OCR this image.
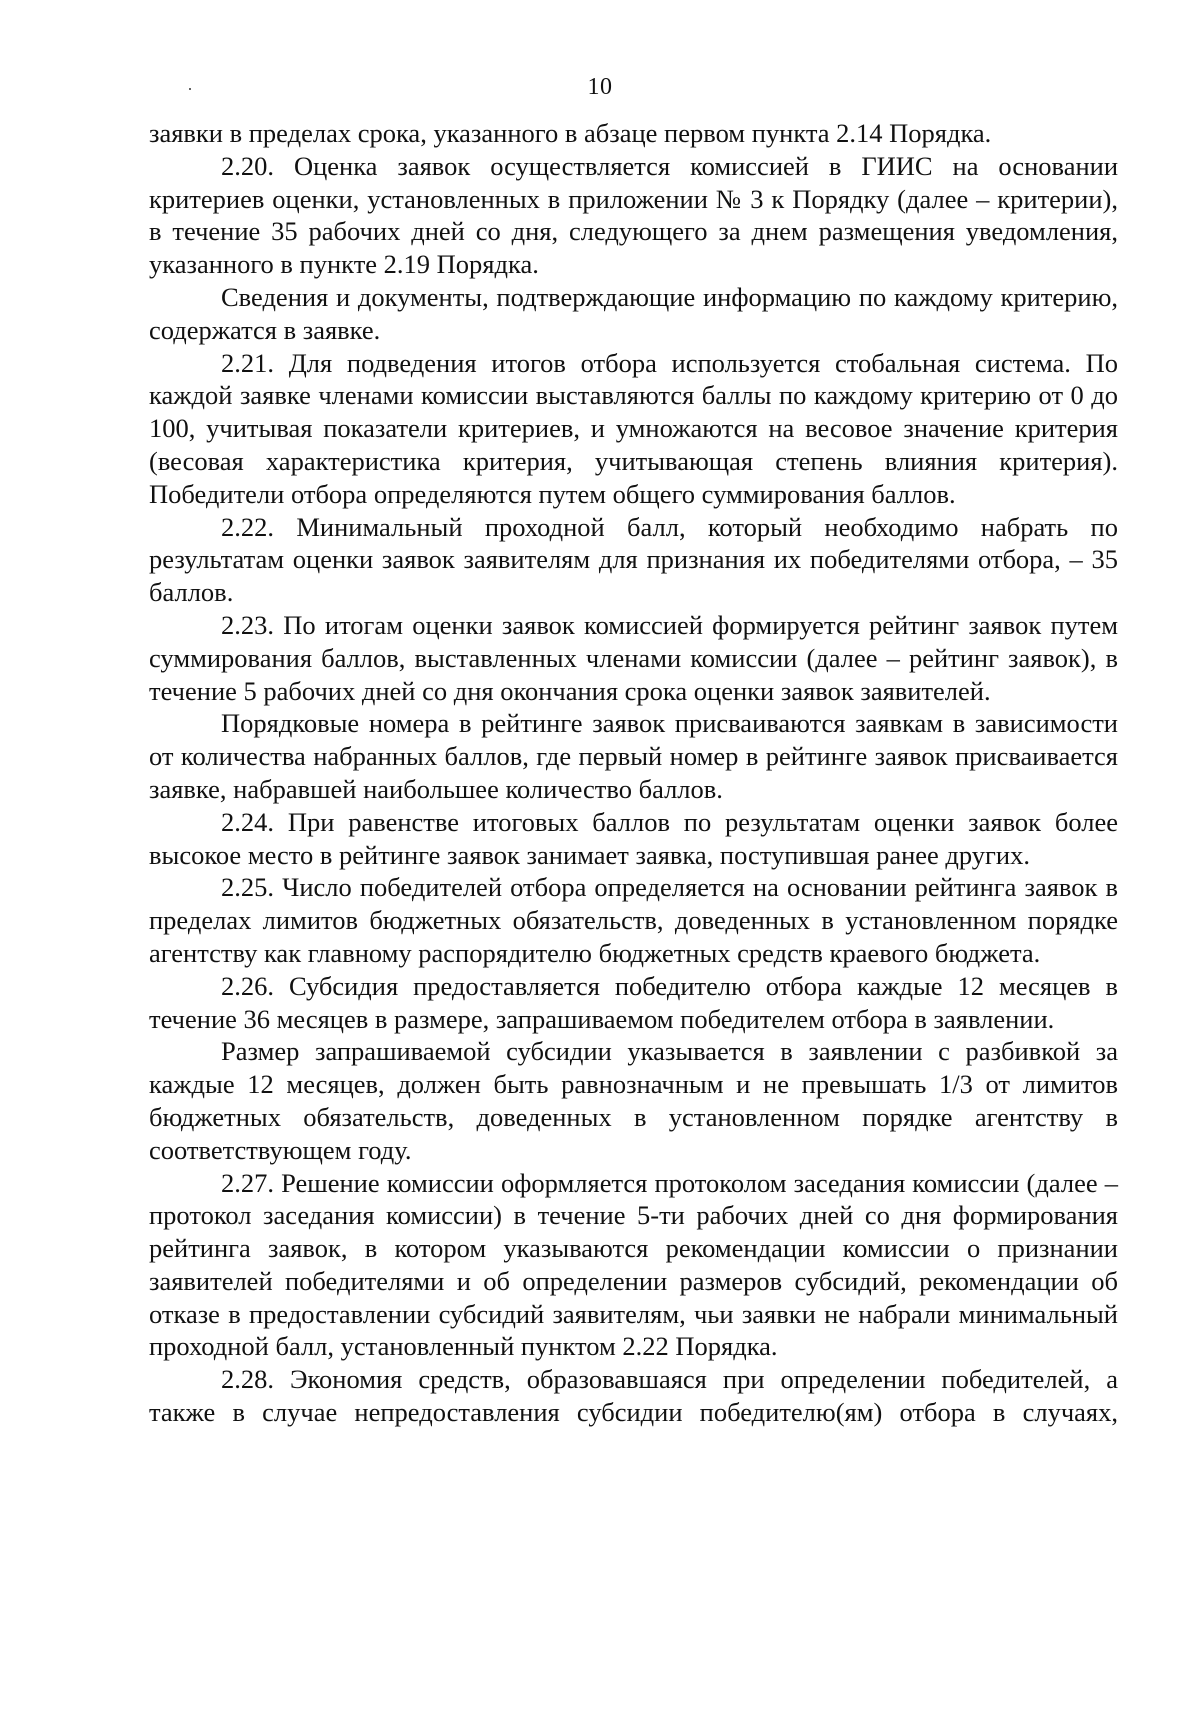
10

заявки в пределах срока, указанного в абзаце первом пункта 2.14 Порядка.

2.20. Оценка заявок осуществляется комиссией в ГИИС на основании критериев оценки, установленных в приложении № 3 к Порядку (далее – критерии), в течение 35 рабочих дней со дня, следующего за днем размещения уведомления, указанного в пункте 2.19 Порядка.

Сведения и документы, подтверждающие информацию по каждому критерию, содержатся в заявке.

2.21. Для подведения итогов отбора используется стобальная система. По каждой заявке членами комиссии выставляются баллы по каждому критерию от 0 до 100, учитывая показатели критериев, и умножаются на весовое значение критерия (весовая характеристика критерия, учитывающая степень влияния критерия). Победители отбора определяются путем общего суммирования баллов.

2.22. Минимальный проходной балл, который необходимо набрать по результатам оценки заявок заявителям для признания их победителями отбора, – 35 баллов.

2.23. По итогам оценки заявок комиссией формируется рейтинг заявок путем суммирования баллов, выставленных членами комиссии (далее – рейтинг заявок), в течение 5 рабочих дней со дня окончания срока оценки заявок заявителей.

Порядковые номера в рейтинге заявок присваиваются заявкам в зависимости от количества набранных баллов, где первый номер в рейтинге заявок присваивается заявке, набравшей наибольшее количество баллов.

2.24. При равенстве итоговых баллов по результатам оценки заявок более высокое место в рейтинге заявок занимает заявка, поступившая ранее других.

2.25. Число победителей отбора определяется на основании рейтинга заявок в пределах лимитов бюджетных обязательств, доведенных в установленном порядке агентству как главному распорядителю бюджетных средств краевого бюджета.

2.26. Субсидия предоставляется победителю отбора каждые 12 месяцев в течение 36 месяцев в размере, запрашиваемом победителем отбора в заявлении.

Размер запрашиваемой субсидии указывается в заявлении с разбивкой за каждые 12 месяцев, должен быть равнозначным и не превышать 1/3 от лимитов бюджетных обязательств, доведенных в установленном порядке агентству в соответствующем году.

2.27. Решение комиссии оформляется протоколом заседания комиссии (далее – протокол заседания комиссии) в течение 5-ти рабочих дней со дня формирования рейтинга заявок, в котором указываются рекомендации комиссии о признании заявителей победителями и об определении размеров субсидий, рекомендации об отказе в предоставлении субсидий заявителям, чьи заявки не набрали минимальный проходной балл, установленный пунктом 2.22 Порядка.

2.28. Экономия средств, образовавшаяся при определении победителей, а также в случае непредоставления субсидии победителю(ям) отбора в случаях,
